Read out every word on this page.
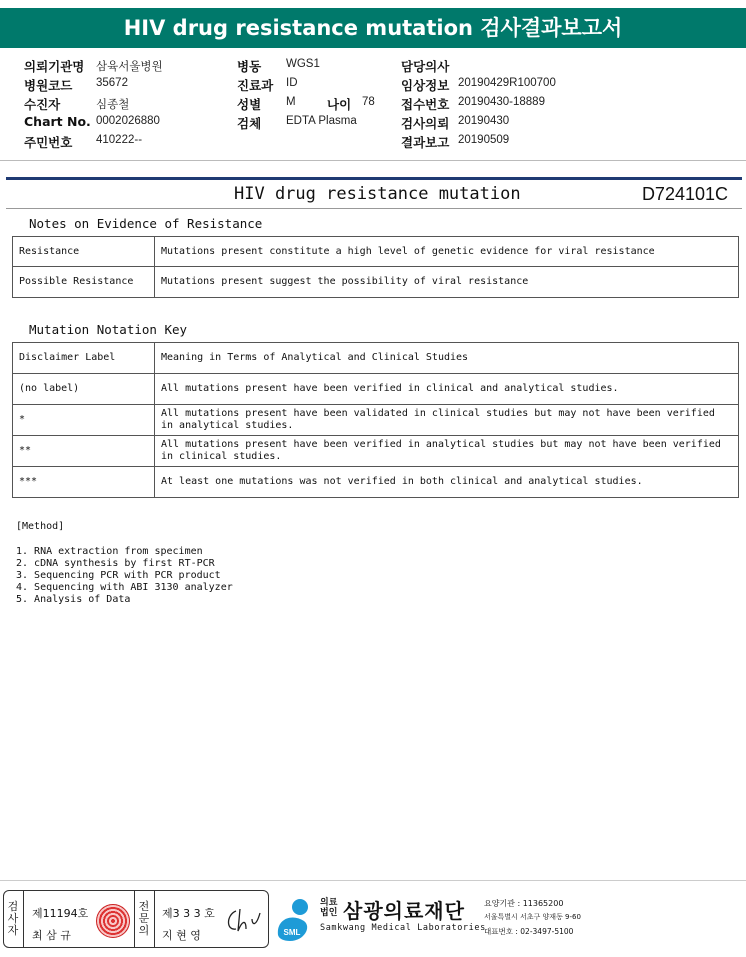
HIV drug resistance mutation 검사결과보고서
의뢰기관명 삼육서울병원
병원코드 35672
수진자	심종철
Chart No. 0002026880
주민번호 410222--
병동 WGS1
진료과 ID
성별 M	나이 78
검체 EDTA Plasma
담당의사
임상정보 20190429R100700
접수번호 20190430-18889
검사의뢰 20190430
결과보고 20190509
HIV drug resistance mutation	D724101C
Notes on Evidence of Resistance
Resistance	Mutations present constitute a high level of genetic evidence for viral resistance
Possible Resistance	Mutations present suggest the possibility of viral resistance
Mutation Notation Key
Disclaimer Label	Meaning in Terms of Analytical and Clinical Studies
(no label)	All mutations present have been verified in clinical and analytical studies.
*	All mutations present have been validated in clinical studies but may not have been verified in analytical studies.
**	All mutations present have been verified in analytical studies but may not have been verified in clinical studies.
***	At least one mutations was not verified in both clinical and analytical studies.
[Method]
1. RNA extraction from specimen
2. cDNA synthesis by first RT-PCR
3. Sequencing PCR with PCR product
4. Sequencing with ABI 3130 analyzer
5. Analysis of Data
검사자
제11194호
최 삼 규
전문의
제3 3 3 호
지 현 영	SML
의료법인 삼광의료재단
Samkwang Medical Laboratories
요양기관 : 11365200
서울특별시 서초구 양재동 9-60
대표번호 : 02-3497-5100
